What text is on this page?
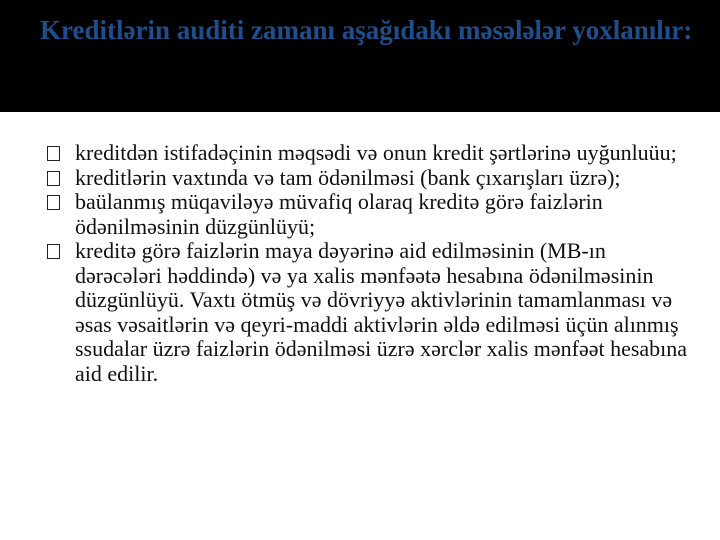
Kreditlərin auditi zamanı aşağıdakı məsələlər yoxlanılır:
kreditdən istifadəçinin məqsədi və onun kredit şərtlərinə uyğunluüu;
kreditlərin vaxtında və tam ödənilməsi (bank çıxarışları üzrə);
baülanmış müqaviləyə müvafiq olaraq kreditə görə faizlərin ödənilməsinin düzgünlüyü;
kreditə görə faizlərin maya dəyərinə aid edilməsinin (MB-ın dərəcələri həddində) və ya xalis mənfəətə hesabına ödənilməsinin düzgünlüyü. Vaxtı ötmüş və dövriyyə aktivlərinin tamamlanması və əsas vəsaitlərin və qeyri-maddi aktivlərin əldə edilməsi üçün alınmış ssudalar üzrə faizlərin ödənilməsi üzrə xərclər xalis mənfəət hesabına aid edilir.
